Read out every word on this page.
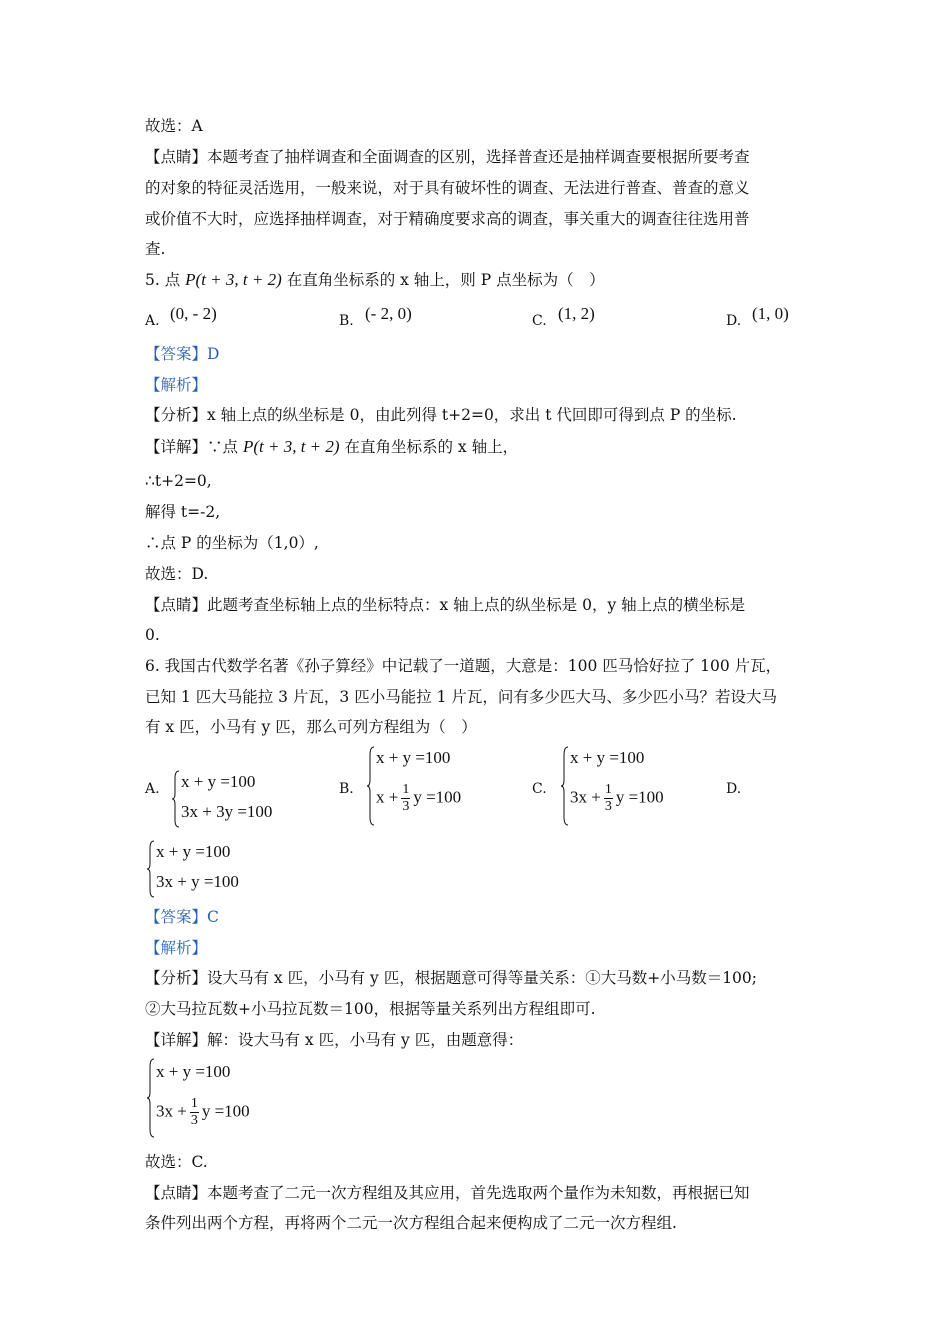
故选：A
【点睛】本题考查了抽样调查和全面调查的区别，选择普查还是抽样调查要根据所要考查
的对象的特征灵活选用，一般来说，对于具有破坏性的调查、无法进行普查、普查的意义
或价值不大时，应选择抽样调查，对于精确度要求高的调查，事关重大的调查往往选用普
查.
5. 点 P(t + 3, t + 2) 在直角坐标系的 x 轴上，则 P 点坐标为（　）
A. (0, - 2)	B. (- 2, 0)	C. (1, 2)	D. (1, 0)
【答案】D
【解析】
【分析】x 轴上点的纵坐标是 0，由此列得 t+2=0，求出 t 代回即可得到点 P 的坐标.
【详解】∵点 P(t + 3, t + 2) 在直角坐标系的 x 轴上，
∴t+2=0,
解得 t=-2,
∴点 P 的坐标为（1,0）,
故选：D.
【点睛】此题考查坐标轴上点的坐标特点：x 轴上点的纵坐标是 0，y 轴上点的横坐标是
0.
6. 我国古代数学名著《孙子算经》中记载了一道题，大意是：100 匹马恰好拉了 100 片瓦，
已知 1 匹大马能拉 3 片瓦，3 匹小马能拉 1 片瓦，问有多少匹大马、多少匹小马？若设大马
有 x 匹，小马有 y 匹，那么可列方程组为（　）
A. x + y =100
3x + 3y =100
B.
x + y =100
$x + \frac{1}{3}$ y =100	C.
x + y =100
$3x + \frac{1}{3}$ y =100	D.
x + y =100
3x + y =100
【答案】C
【解析】
【分析】设大马有 x 匹，小马有 y 匹，根据题意可得等量关系：①大马数+小马数＝100;
②大马拉瓦数+小马拉瓦数＝100，根据等量关系列出方程组即可.
【详解】解：设大马有 x 匹，小马有 y 匹，由题意得：
x + y =100
$3x + \frac{1}{3}$ y =100
故选：C.
【点睛】本题考查了二元一次方程组及其应用，首先选取两个量作为未知数，再根据已知
条件列出两个方程，再将两个二元一次方程组合起来便构成了二元一次方程组.
